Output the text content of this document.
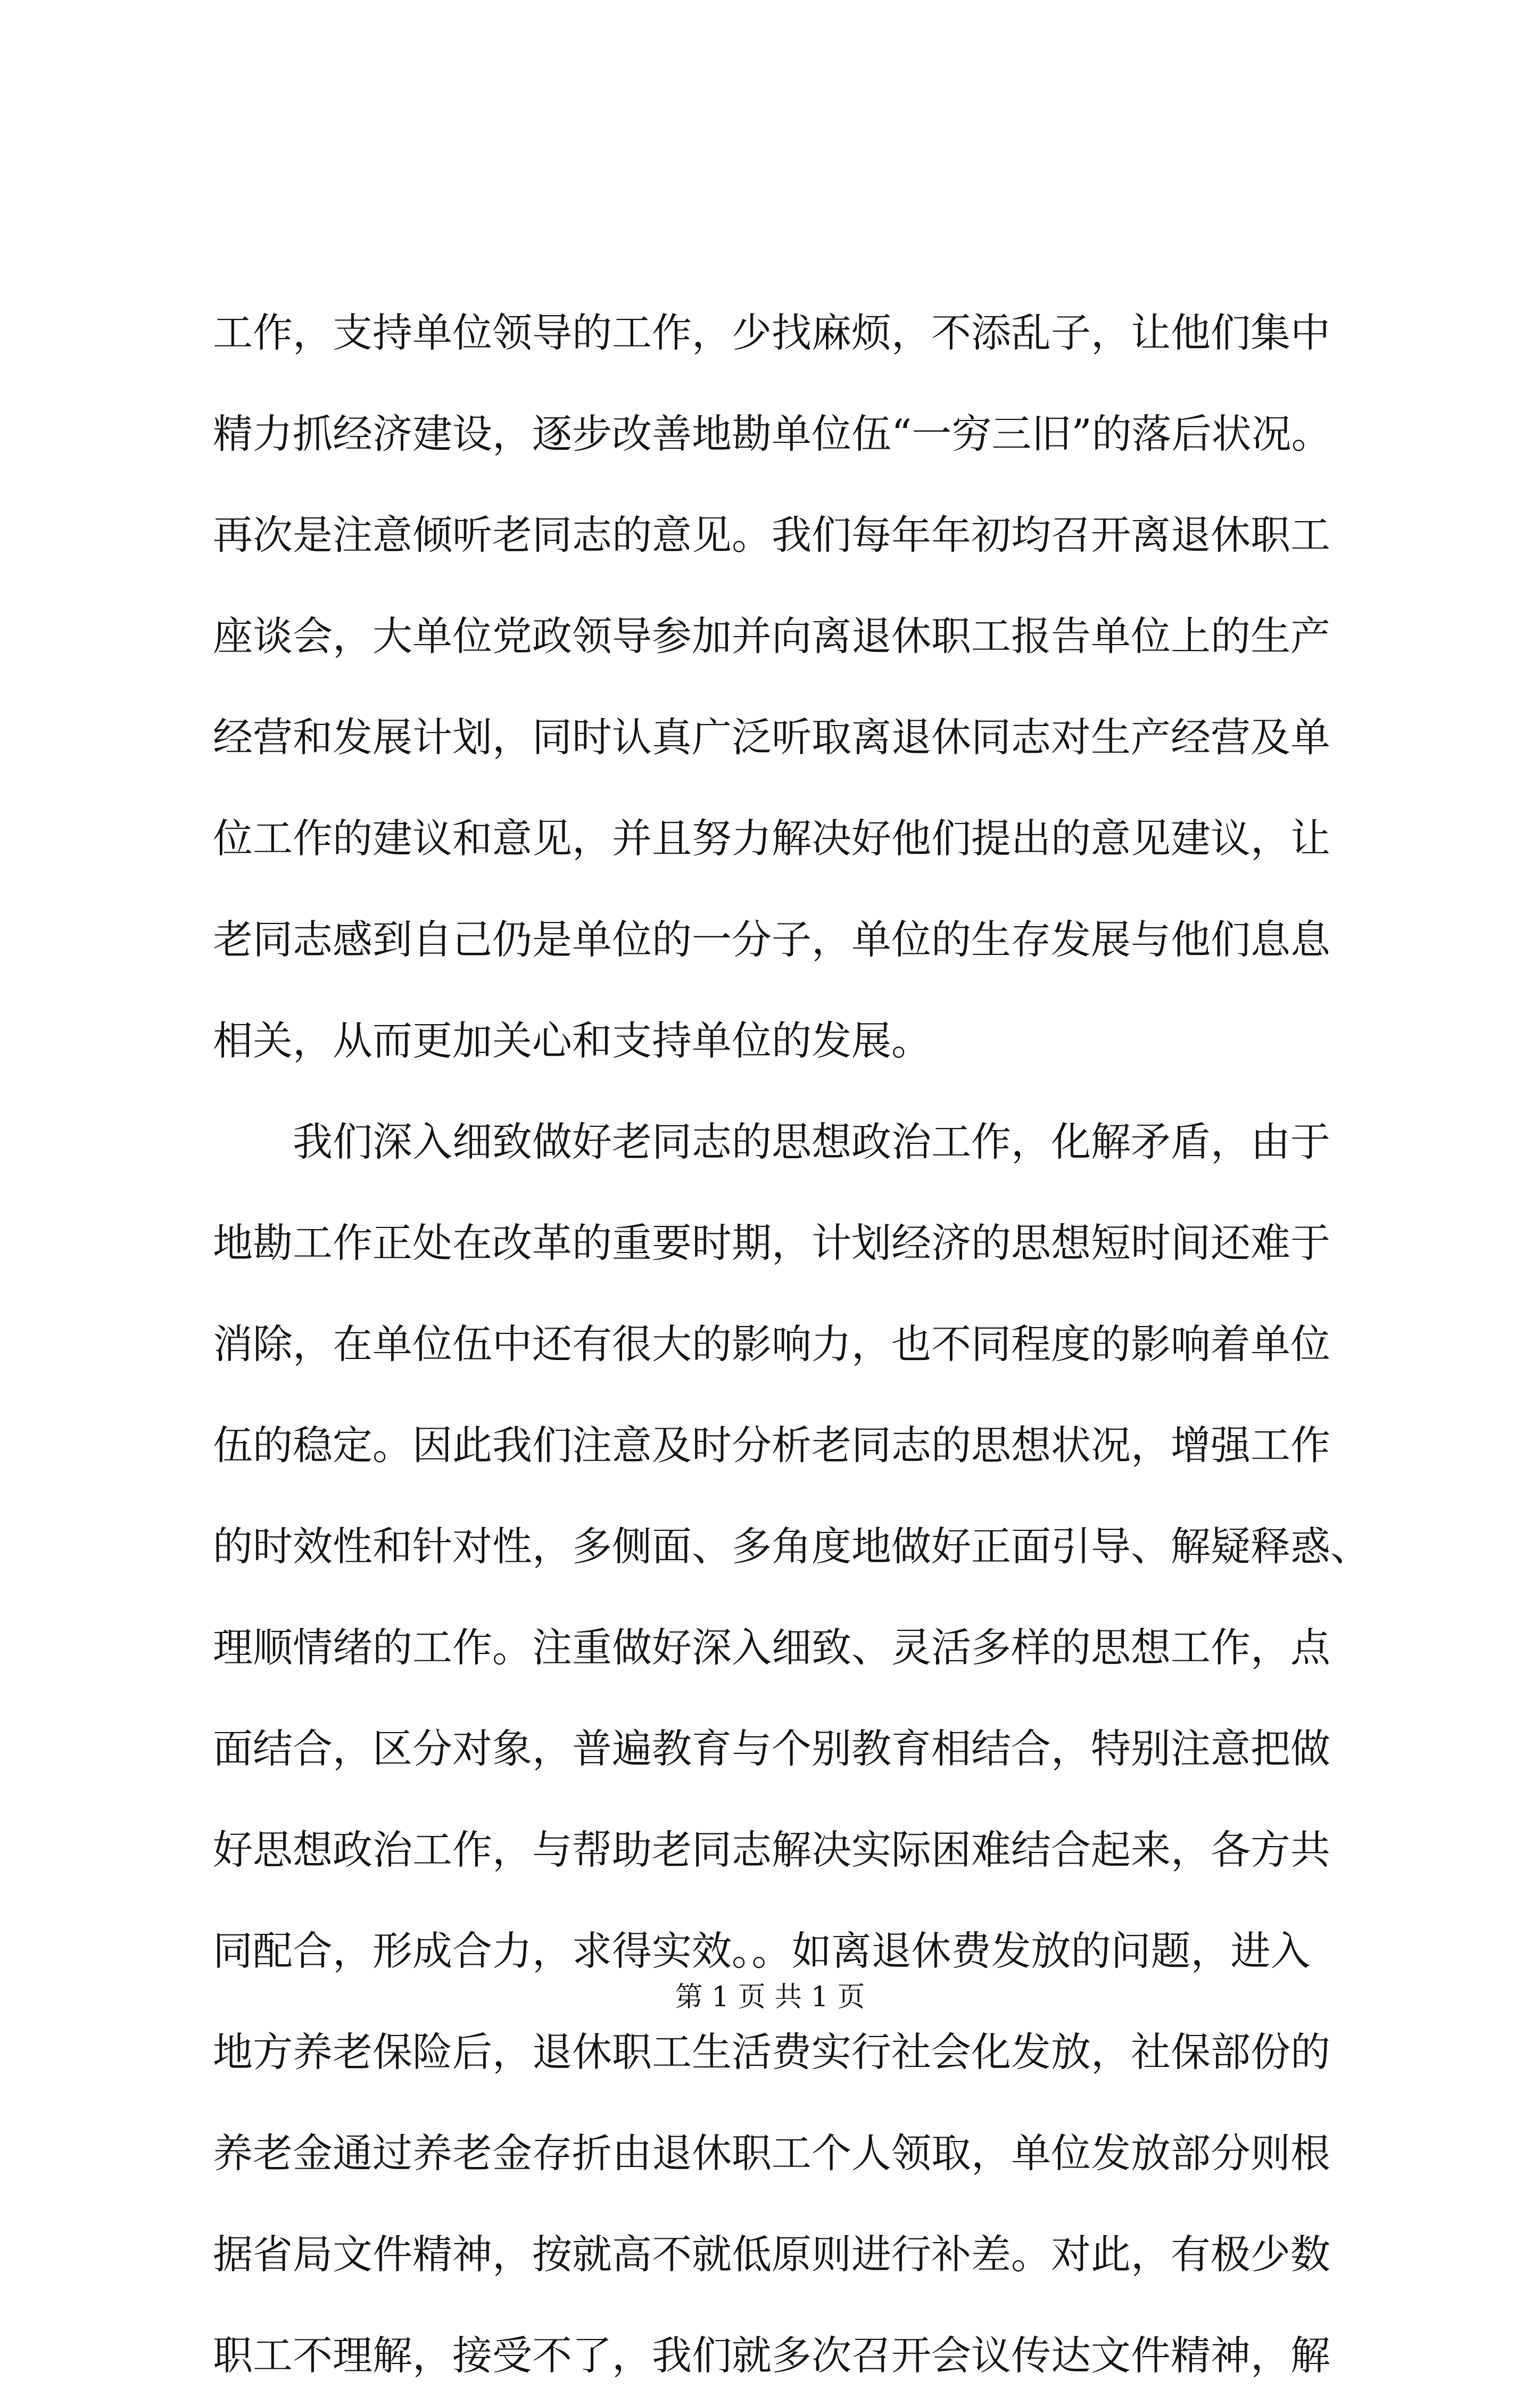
工作，支持单位领导的工作，少找麻烦，不添乱子，让他们集中
精力抓经济建设，逐步改善地勘单位伍“一穷三旧”的落后状况。
再次是注意倾听老同志的意见。我们每年年初均召开离退休职工
座谈会，大单位党政领导参加并向离退休职工报告单位上的生产
经营和发展计划，同时认真广泛听取离退休同志对生产经营及单
位工作的建议和意见，并且努力解决好他们提出的意见建议，让
老同志感到自己仍是单位的一分子，单位的生存发展与他们息息
相关，从而更加关心和支持单位的发展。
我们深入细致做好老同志的思想政治工作，化解矛盾，由于
地勘工作正处在改革的重要时期，计划经济的思想短时间还难于
消除，在单位伍中还有很大的影响力，也不同程度的影响着单位
伍的稳定。因此我们注意及时分析老同志的思想状况，增强工作
的时效性和针对性，多侧面、多角度地做好正面引导、解疑释惑、
理顺情绪的工作。注重做好深入细致、灵活多样的思想工作，点
面结合，区分对象，普遍教育与个别教育相结合，特别注意把做
好思想政治工作，与帮助老同志解决实际困难结合起来，各方共
同配合，形成合力，求得实效。。如离退休费发放的问题，进入
地方养老保险后，退休职工生活费实行社会化发放，社保部份的
养老金通过养老金存折由退休职工个人领取，单位发放部分则根
据省局文件精神，按就高不就低原则进行补差。对此，有极少数
职工不理解，接受不了，我们就多次召开会议传达文件精神，解
第 1 页 共 1 页
